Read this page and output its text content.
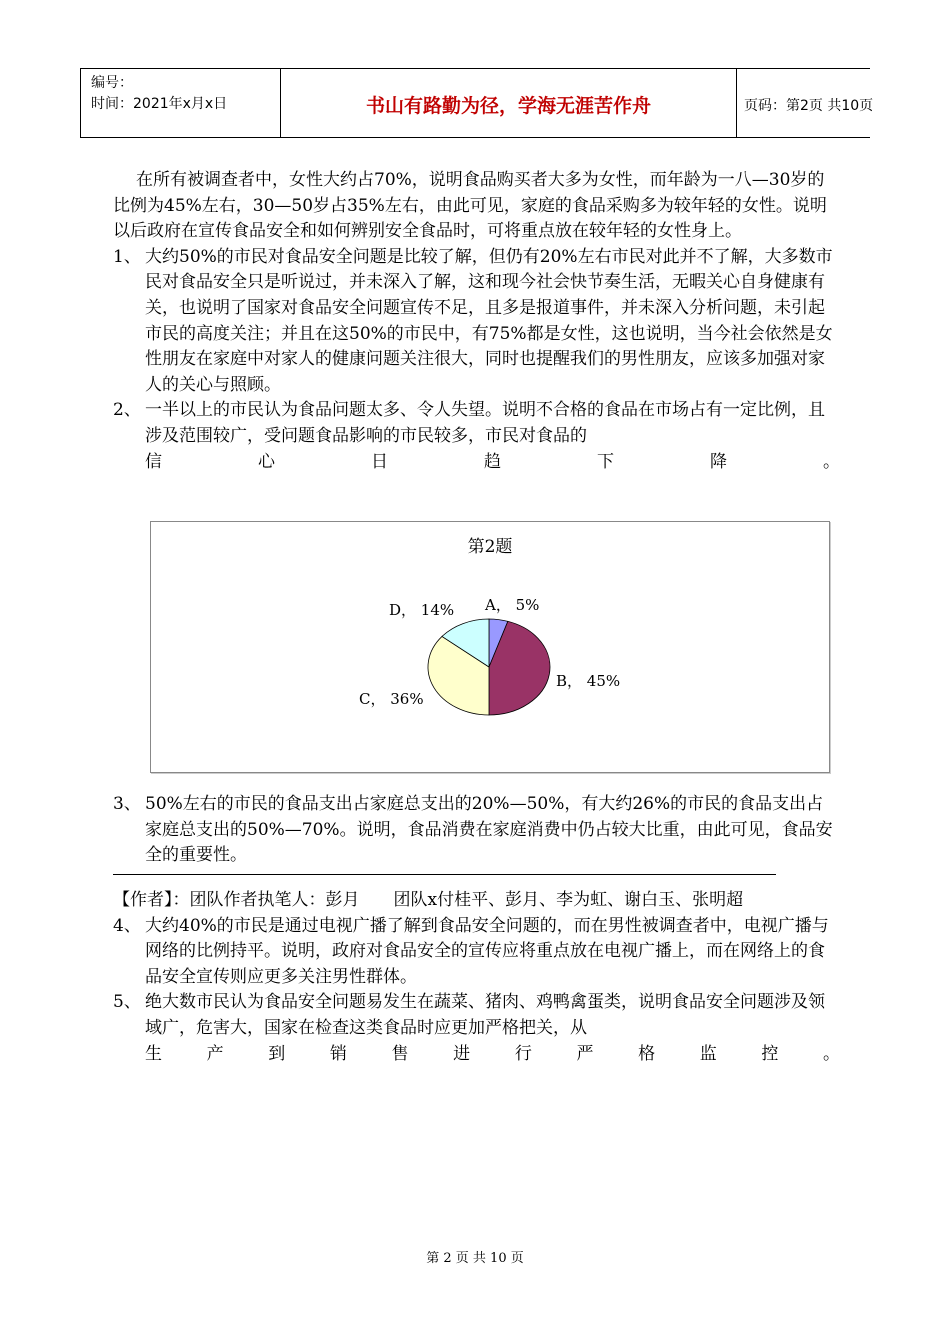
编号：
时间：2021年x月x日	书山有路勤为径，学海无涯苦作舟	页码：第2页 共10页

在所有被调查者中，女性大约占70%，说明食品购买者大多为女性，而年龄为一八—30岁的比例为45%左右，30—50岁占35%左右，由此可见，家庭的食品采购多为较年轻的女性。说明以后政府在宣传食品安全和如何辨别安全食品时，可将重点放在较年轻的女性身上。

1、 大约50%的市民对食品安全问题是比较了解，但仍有20%左右市民对此并不了解，大多数市民对食品安全只是听说过，并未深入了解，这和现今社会快节奏生活，无暇关心自身健康有关，也说明了国家对食品安全问题宣传不足，且多是报道事件，并未深入分析问题，未引起市民的高度关注；并且在这50%的市民中，有75%都是女性，这也说明，当今社会依然是女性朋友在家庭中对家人的健康问题关注很大，同时也提醒我们的男性朋友，应该多加强对家人的关心与照顾。

2、 一半以上的市民认为食品问题太多、令人失望。说明不合格的食品在市场占有一定比例，且涉及范围较广，受问题食品影响的市民较多，市民对食品的

信心日趋下降。

第2题
A， 5%
B， 45%
C， 36%
D， 14%

3、 50%左右的市民的食品支出占家庭总支出的20%—50%，有大约26%的市民的食品支出占家庭总支出的50%—70%。说明，食品消费在家庭消费中仍占较大比重，由此可见，食品安全的重要性。

【作者】：团队作者执笔人：彭月　　团队x付桂平、彭月、李为虹、谢白玉、张明超

4、 大约40%的市民是通过电视广播了解到食品安全问题的，而在男性被调查者中，电视广播与网络的比例持平。说明，政府对食品安全的宣传应将重点放在电视广播上，而在网络上的食品安全宣传则应更多关注男性群体。

5、 绝大数市民认为食品安全问题易发生在蔬菜、猪肉、鸡鸭禽蛋类，说明食品安全问题涉及领域广，危害大，国家在检查这类食品时应更加严格把关，从

生产到销售进行严格监控。

第 2 页 共 10 页
